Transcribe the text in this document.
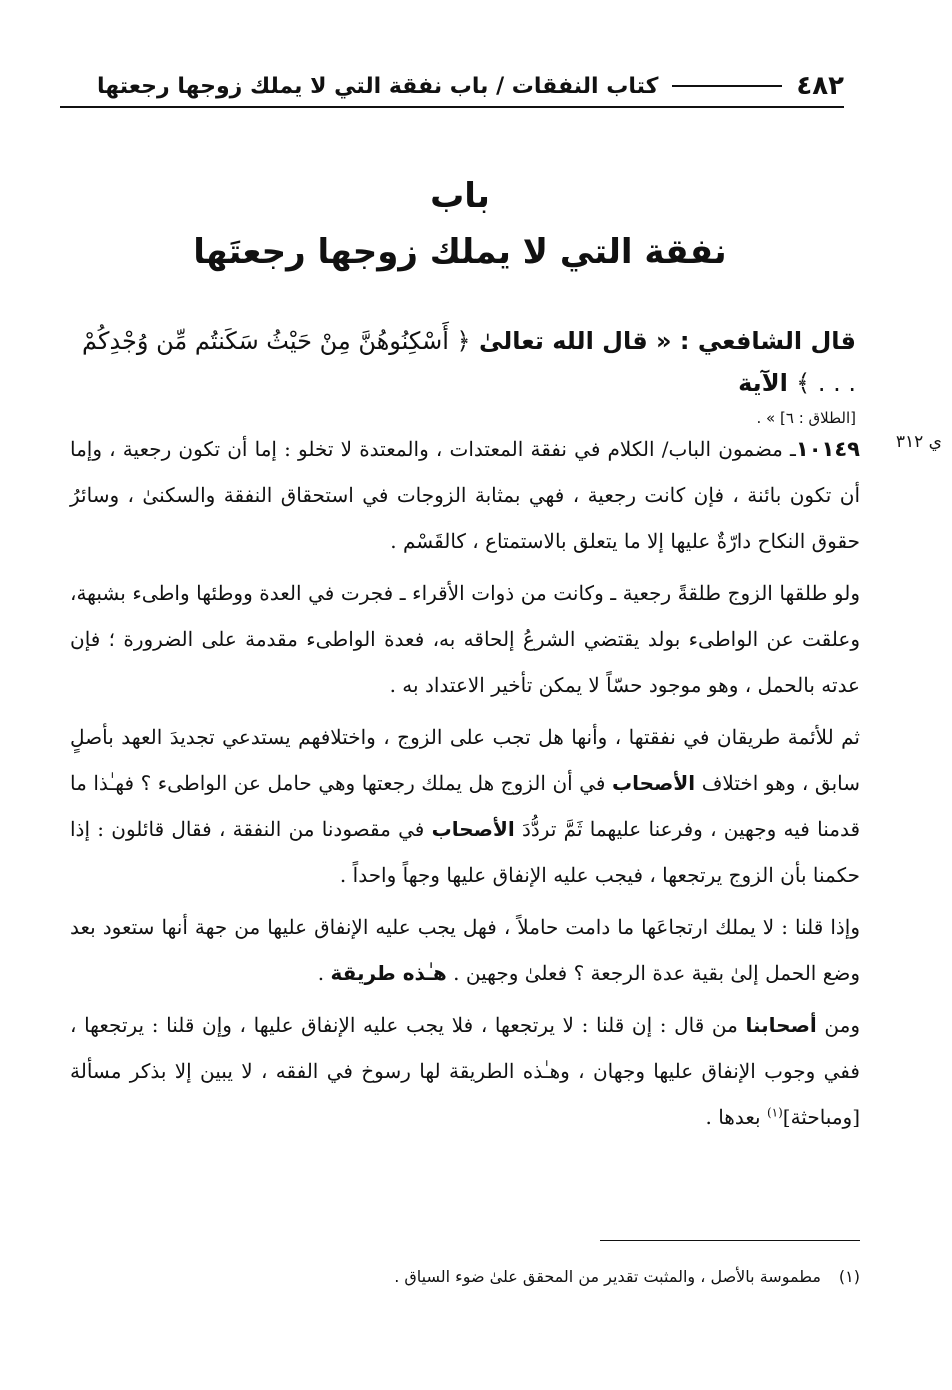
٤٨٢
كتاب النفقات / باب نفقة التي لا يملك زوجها رجعتها
باب
نفقة التي لا يملك زوجها رجعتَها
قال الشافعي : « قال الله تعالىٰ ﴿ أَسْكِنُوهُنَّ مِنْ حَيْثُ سَكَنتُم مِّن وُجْدِكُمْ . . . ﴾ الآية
[الطلاق : ٦] » .
ي ٣١٢

١٠١٤٩ـ مضمون الباب/ الكلام في نفقة المعتدات ، والمعتدة لا تخلو : إما أن تكون رجعية ، وإما أن تكون بائنة ، فإن كانت رجعية ، فهي بمثابة الزوجات في استحقاق النفقة والسكنىٰ ، وسائرُ حقوق النكاح دارّةٌ عليها إلا ما يتعلق بالاستمتاع ، كالقَسْم .

ولو طلقها الزوج طلقةً رجعية ـ وكانت من ذوات الأقراء ـ فجرت في العدة ووطئها واطىء بشبهة، وعلقت عن الواطىء بولد يقتضي الشرعُ إلحاقه به، فعدة الواطىء مقدمة على الضرورة ؛ فإن عدته بالحمل ، وهو موجود حسّاً لا يمكن تأخير الاعتداد به .

ثم للأئمة طريقان في نفقتها ، وأنها هل تجب على الزوج ، واختلافهم يستدعي تجديدَ العهد بأصلٍ سابق ، وهو اختلاف الأصحاب في أن الزوج هل يملك رجعتها وهي حامل عن الواطىء ؟ فهـٰذا ما قدمنا فيه وجهين ، وفرعنا عليهما ثَمَّ تردُّدَ الأصحاب في مقصودنا من النفقة ، فقال قائلون : إذا حكمنا بأن الزوج يرتجعها ، فيجب عليه الإنفاق عليها وجهاً واحداً .

وإذا قلنا : لا يملك ارتجاعَها ما دامت حاملاً ، فهل يجب عليه الإنفاق عليها من جهة أنها ستعود بعد وضع الحمل إلىٰ بقية عدة الرجعة ؟ فعلىٰ وجهين . هـٰذه طريقة .

ومن أصحابنا من قال : إن قلنا : لا يرتجعها ، فلا يجب عليه الإنفاق عليها ، وإن قلنا : يرتجعها ، ففي وجوب الإنفاق عليها وجهان ، وهـٰذه الطريقة لها رسوخ في الفقه ، لا يبين إلا بذكر مسألة [ومباحثة]$^{(١)}$ بعدها .

(١)مطموسة بالأصل ، والمثبت تقدير من المحقق علىٰ ضوء السياق .
